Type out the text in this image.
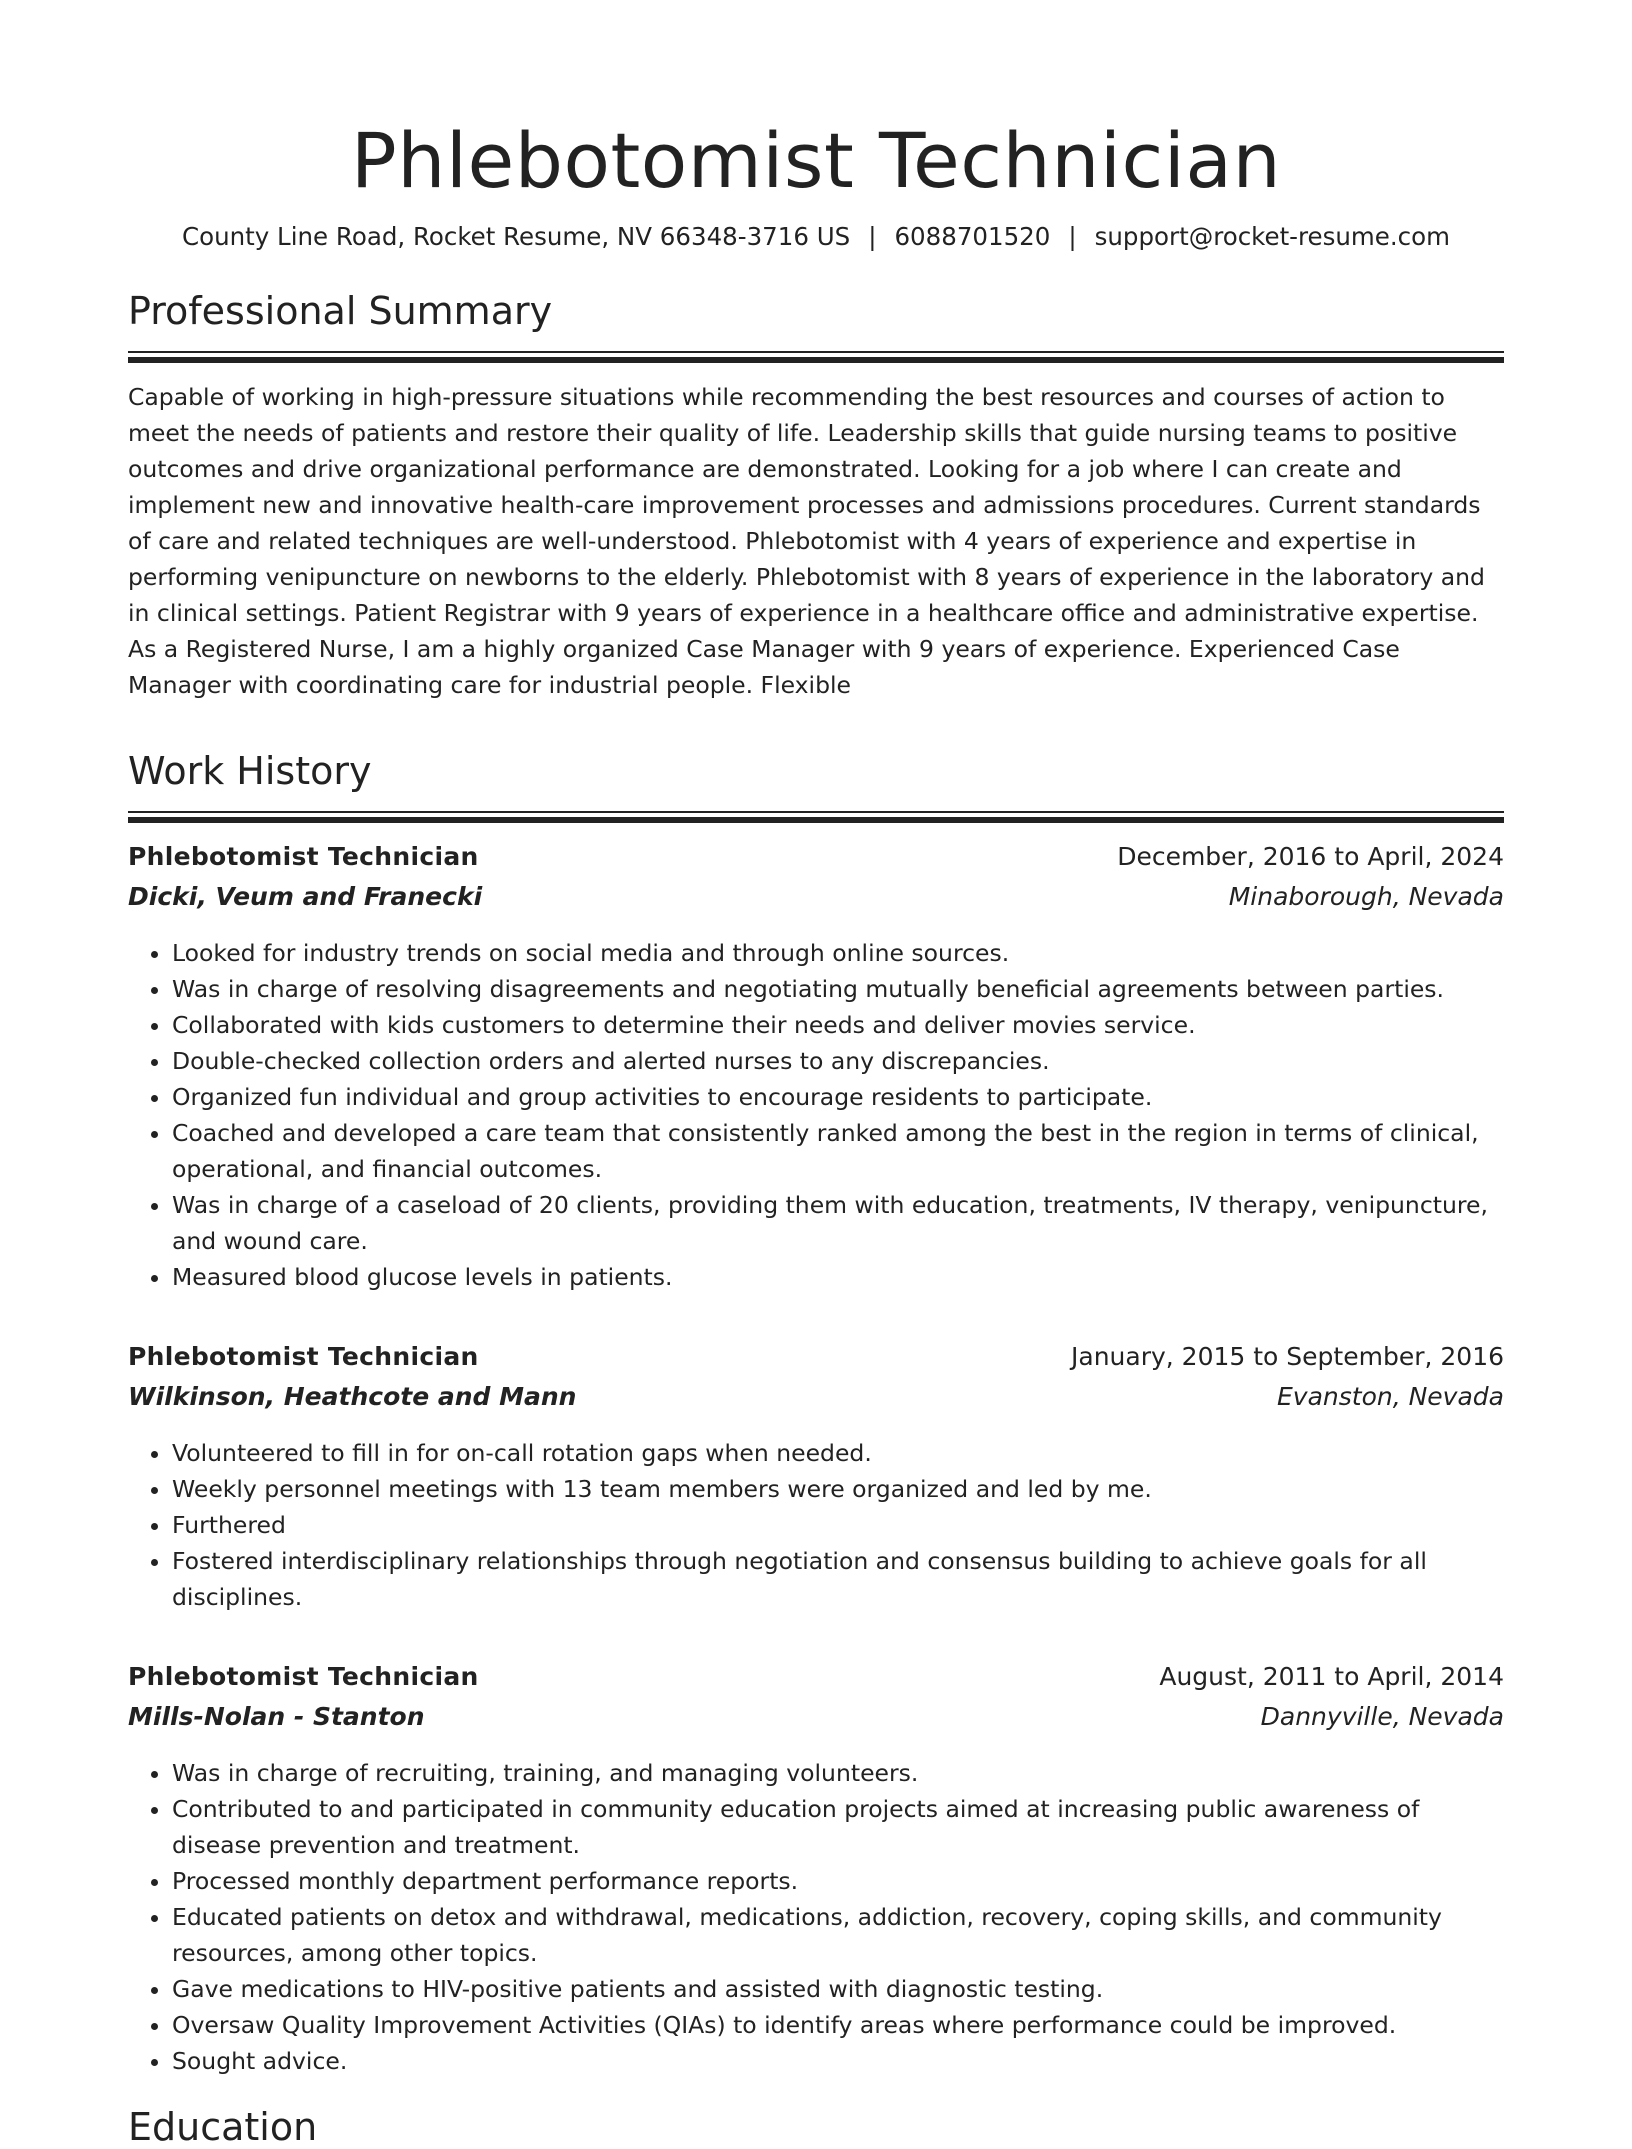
Phlebotomist Technician
County Line Road, Rocket Resume, NV 66348-3716 US | 6088701520 | support@rocket-resume.com
Professional Summary

Capable of working in high-pressure situations while recommending the best resources and courses of action to meet the needs of patients and restore their quality of life. Leadership skills that guide nursing teams to positive outcomes and drive organizational performance are demonstrated. Looking for a job where I can create and implement new and innovative health-care improvement processes and admissions procedures. Current standards of care and related techniques are well-understood. Phlebotomist with 4 years of experience and expertise in performing venipuncture on newborns to the elderly. Phlebotomist with 8 years of experience in the laboratory and in clinical settings. Patient Registrar with 9 years of experience in a healthcare office and administrative expertise. As a Registered Nurse, I am a highly organized Case Manager with 9 years of experience. Experienced Case Manager with coordinating care for industrial people. Flexible

Work History
Phlebotomist Technician	December, 2016 to April, 2024
Dicki, Veum and Franecki	Minaborough, Nevada
• Looked for industry trends on social media and through online sources.
• Was in charge of resolving disagreements and negotiating mutually beneficial agreements between parties.
• Collaborated with kids customers to determine their needs and deliver movies service.
• Double-checked collection orders and alerted nurses to any discrepancies.
• Organized fun individual and group activities to encourage residents to participate.
• Coached and developed a care team that consistently ranked among the best in the region in terms of clinical, operational, and financial outcomes.
• Was in charge of a caseload of 20 clients, providing them with education, treatments, IV therapy, venipuncture, and wound care.
• Measured blood glucose levels in patients.
Phlebotomist Technician	January, 2015 to September, 2016
Wilkinson, Heathcote and Mann	Evanston, Nevada
• Volunteered to fill in for on-call rotation gaps when needed.
• Weekly personnel meetings with 13 team members were organized and led by me.
• Furthered
• Fostered interdisciplinary relationships through negotiation and consensus building to achieve goals for all disciplines.
Phlebotomist Technician	August, 2011 to April, 2014
Mills-Nolan - Stanton	Dannyville, Nevada
• Was in charge of recruiting, training, and managing volunteers.
• Contributed to and participated in community education projects aimed at increasing public awareness of disease prevention and treatment.
• Processed monthly department performance reports.
• Educated patients on detox and withdrawal, medications, addiction, recovery, coping skills, and community resources, among other topics.
• Gave medications to HIV-positive patients and assisted with diagnostic testing.
• Oversaw Quality Improvement Activities (QIAs) to identify areas where performance could be improved.
• Sought advice.
Education
